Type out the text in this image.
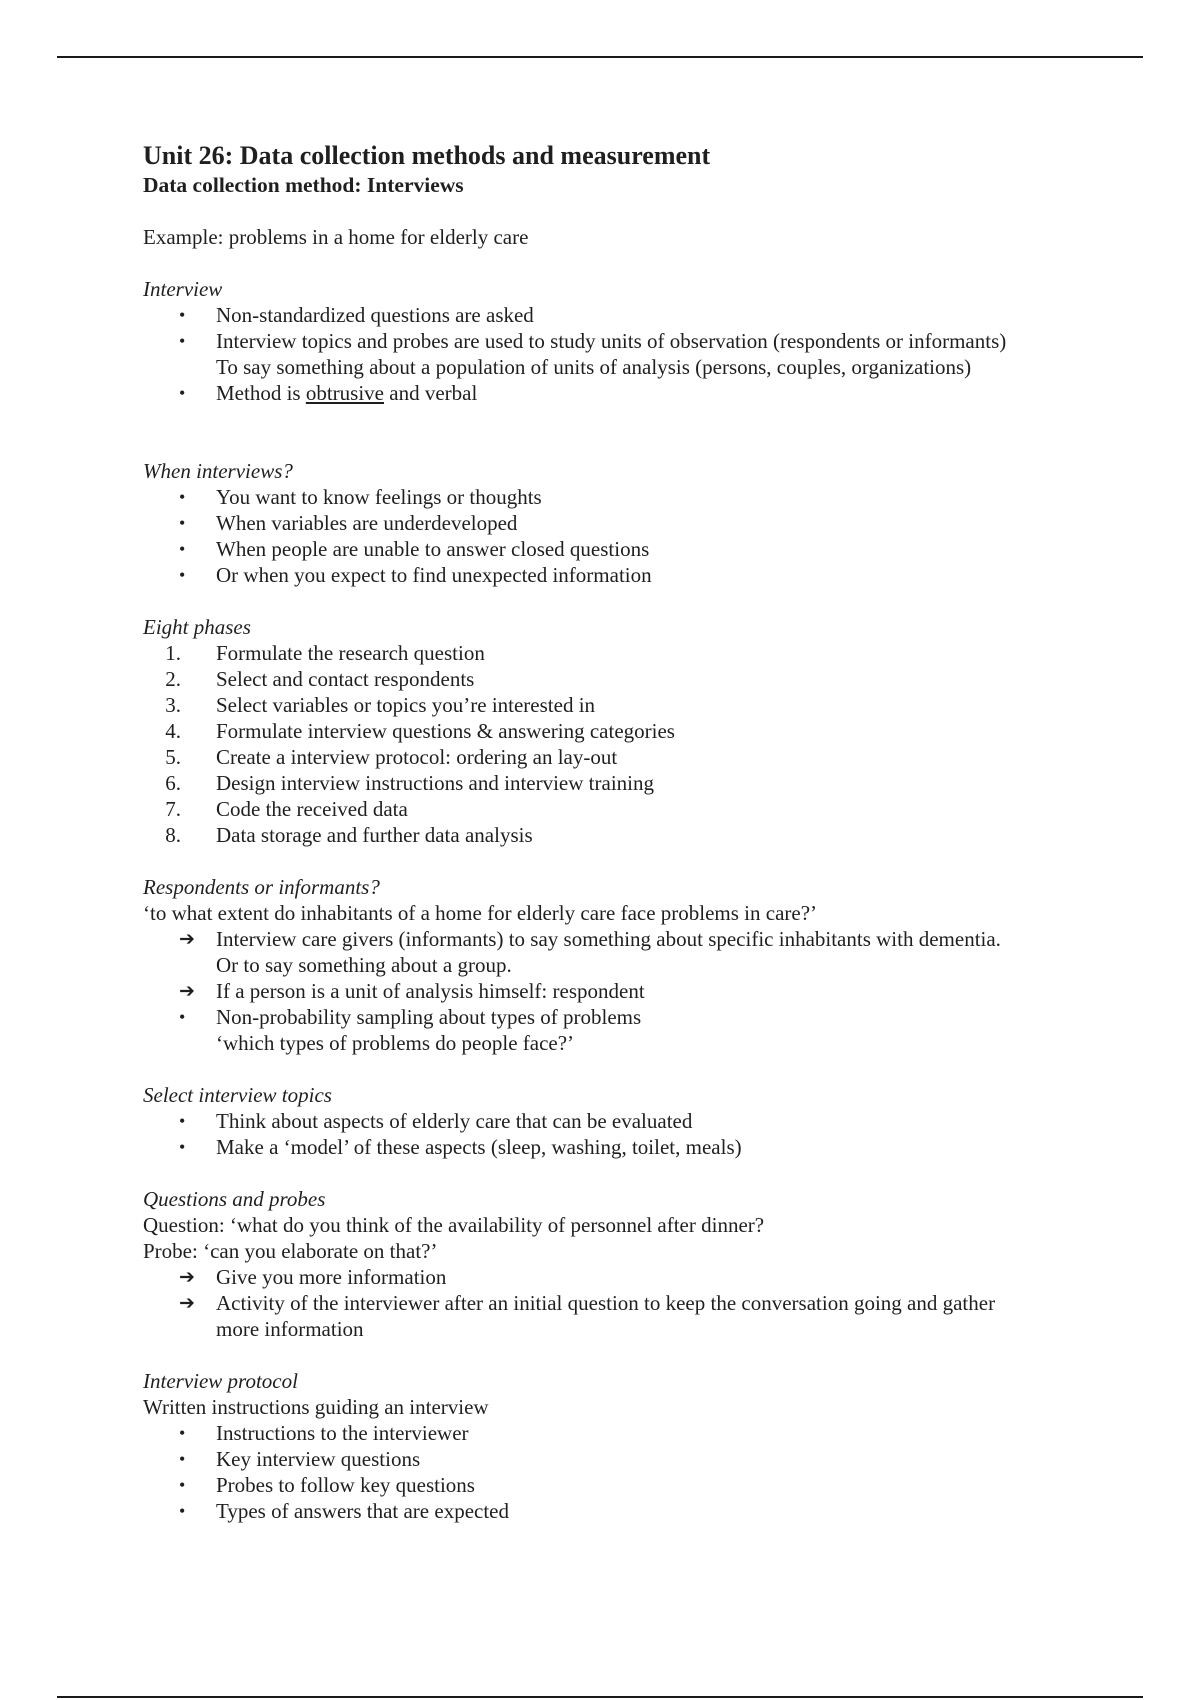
Unit 26: Data collection methods and measurement
Data collection method: Interviews

Example: problems in a home for elderly care

Interview

•	Non-standardized questions are asked
•	Interview topics and probes are used to study units of observation (respondents or informants)
To say something about a population of units of analysis (persons, couples, organizations)
•	Method is obtrusive and verbal

When interviews?

•	You want to know feelings or thoughts
•	When variables are underdeveloped
•	When people are unable to answer closed questions
•	Or when you expect to find unexpected information

Eight phases

1. Formulate the research question
2. Select and contact respondents
3. Select variables or topics you’re interested in
4. Formulate interview questions & answering categories
5. Create a interview protocol: ordering an lay-out
6. Design interview instructions and interview training
7. Code the received data
8. Data storage and further data analysis

Respondents or informants?

‘to what extent do inhabitants of a home for elderly care face problems in care?’

➔	Interview care givers (informants) to say something about specific inhabitants with dementia.
Or to say something about a group.
➔	If a person is a unit of analysis himself: respondent
•	Non-probability sampling about types of problems
‘which types of problems do people face?’

Select interview topics

•	Think about aspects of elderly care that can be evaluated
•	Make a ‘model’ of these aspects (sleep, washing, toilet, meals)

Questions and probes

Question: ‘what do you think of the availability of personnel after dinner?

Probe: ‘can you elaborate on that?’

➔	Give you more information
➔	Activity of the interviewer after an initial question to keep the conversation going and gather
more information

Interview protocol

Written instructions guiding an interview

•	Instructions to the interviewer
•	Key interview questions
•	Probes to follow key questions
•	Types of answers that are expected
